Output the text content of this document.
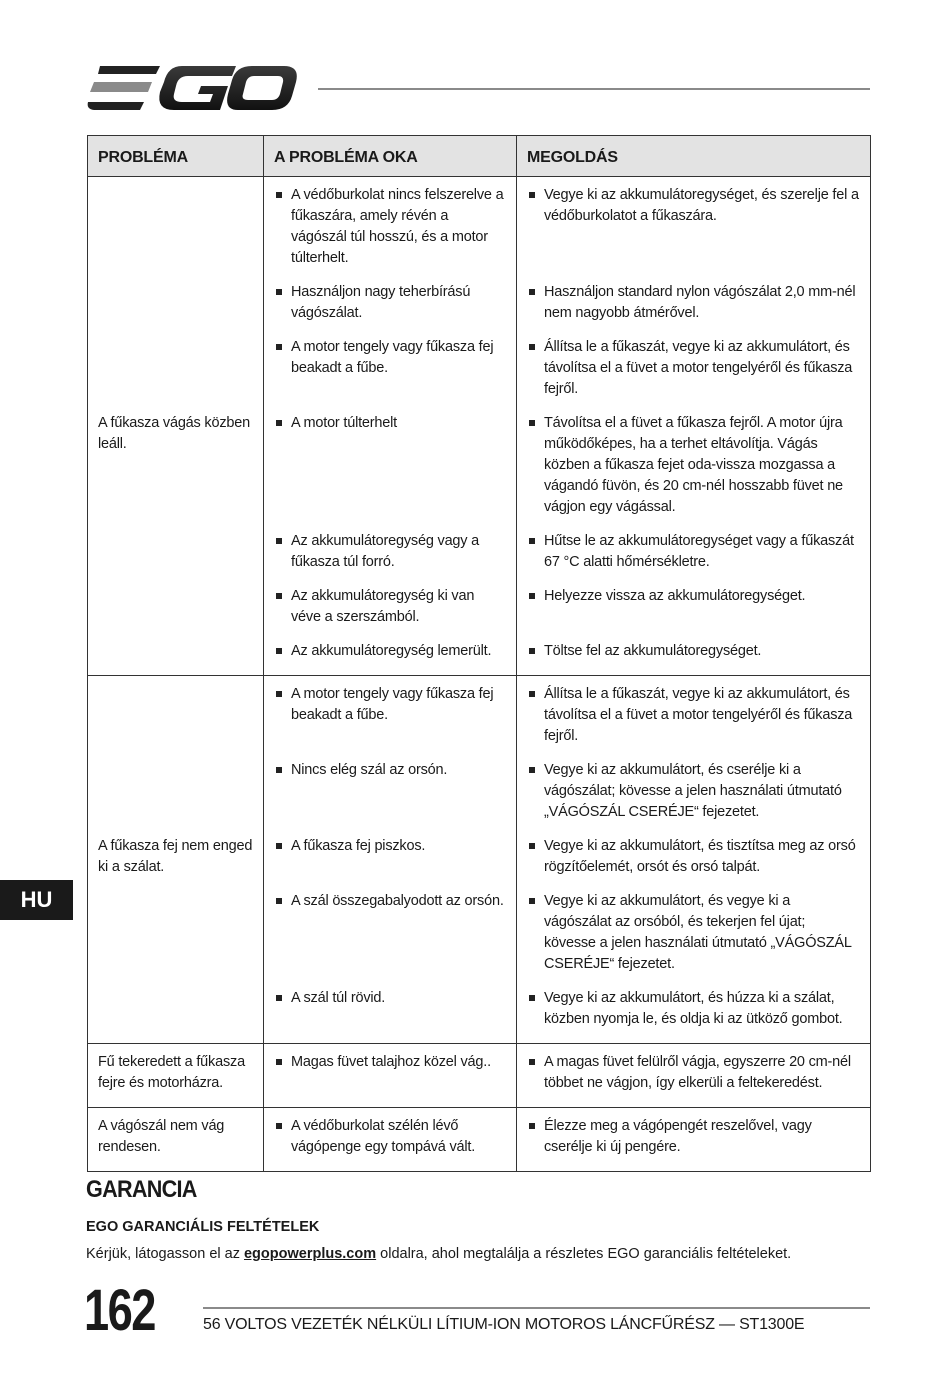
PROBLÉMA	A PROBLÉMA OKA	MEGOLDÁS

	A védőburkolat nincs felszerelve a fűkaszára, amely révén a vágószál túl hosszú, és a motor túlterhelt.	Vegye ki az akkumulátoregységet, és szerelje fel a védőburkolatot a fűkaszára.

	Használjon nagy teherbírású vágószálat.	Használjon standard nylon vágószálat 2,0 mm-nél nem nagyobb átmérővel.

	A motor tengely vagy fűkasza fej beakadt a fűbe.	Állítsa le a fűkaszát, vegye ki az akkumulátort, és távolítsa el a füvet a motor tengelyéről és fűkasza fejről.

A fűkasza vágás közben leáll.	A motor túlterhelt	Távolítsa el a füvet a fűkasza fejről. A motor újra működőképes, ha a terhet eltávolítja. Vágás közben a fűkasza fejet oda-vissza mozgassa a vágandó füvön, és 20 cm-nél hosszabb füvet ne vágjon egy vágással.

	Az akkumulátoregység vagy a fűkasza túl forró.	Hűtse le az akkumulátoregységet vagy a fűkaszát 67 °C alatti hőmérsékletre.

	Az akkumulátoregység ki van véve a szerszámból.	Helyezze vissza az akkumulátoregységet.

	Az akkumulátoregység lemerült.	Töltse fel az akkumulátoregységet.

	A motor tengely vagy fűkasza fej beakadt a fűbe.	Állítsa le a fűkaszát, vegye ki az akkumulátort, és távolítsa el a füvet a motor tengelyéről és fűkasza fejről.

	Nincs elég szál az orsón.	Vegye ki az akkumulátort, és cserélje ki a vágószálat; kövesse a jelen használati útmutató „VÁGÓSZÁL CSERÉJE“ fejezetet.

A fűkasza fej nem enged ki a szálat.	A fűkasza fej piszkos.	Vegye ki az akkumulátort, és tisztítsa meg az orsó rögzítőelemét, orsót és orsó talpát.

	A szál összegabalyodott az orsón.	Vegye ki az akkumulátort, és vegye ki a vágószálat az orsóból, és tekerjen fel újat; kövesse a jelen használati útmutató „VÁGÓSZÁL CSERÉJE“ fejezetet.

	A szál túl rövid.	Vegye ki az akkumulátort, és húzza ki a szálat, közben nyomja le, és oldja ki az ütköző gombot.

Fű tekeredett a fűkasza fejre és motorházra.	Magas füvet talajhoz közel vág..	A magas füvet felülről vágja, egyszerre 20 cm-nél többet ne vágjon, így elkerüli a feltekeredést.

A vágószál nem vág rendesen.	A védőburkolat szélén lévő vágópenge egy tompává vált.	Élezze meg a vágópengét reszelővel, vagy cserélje ki új pengére.
HU
GARANCIA
EGO GARANCIÁLIS FELTÉTELEK
Kérjük, látogasson el az egopowerplus.com oldalra, ahol megtalálja a részletes EGO garanciális feltételeket.
162	56 VOLTOS VEZETÉK NÉLKÜLI LÍTIUM-ION MOTOROS LÁNCFŰRÉSZ — ST1300E
